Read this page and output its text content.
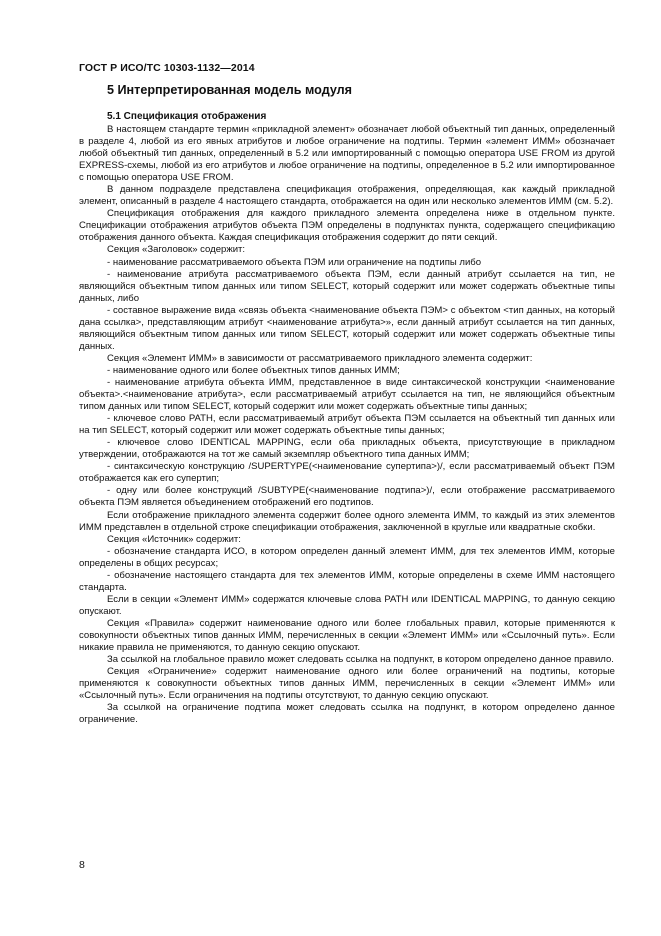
ГОСТ Р ИСО/ТС 10303-1132—2014
5 Интерпретированная модель модуля
5.1 Спецификация отображения

В настоящем стандарте термин «прикладной элемент» обозначает любой объектный тип данных, определенный в разделе 4, любой из его явных атрибутов и любое ограничение на подтипы. Термин «элемент ИММ» обозначает любой объектный тип данных, определенный в 5.2 или импортированный с помощью оператора USE FROM из другой EXPRESS-схемы, любой из его атрибутов и любое ограничение на подтипы, определенное в 5.2 или импортированное с помощью оператора USE FROM.

В данном подразделе представлена спецификация отображения, определяющая, как каждый прикладной элемент, описанный в разделе 4 настоящего стандарта, отображается на один или несколько элементов ИММ (см. 5.2).

Спецификация отображения для каждого прикладного элемента определена ниже в отдельном пункте. Спецификации отображения атрибутов объекта ПЭМ определены в подпунктах пункта, содержащего спецификацию отображения данного объекта. Каждая спецификация отображения содержит до пяти секций.

Секция «Заголовок» содержит:

- наименование рассматриваемого объекта ПЭМ или ограничение на подтипы либо

- наименование атрибута рассматриваемого объекта ПЭМ, если данный атрибут ссылается на тип, не являющийся объектным типом данных или типом SELECT, который содержит или может содержать объектные типы данных, либо

- составное выражение вида «связь объекта <наименование объекта ПЭМ> с объектом <тип данных, на который дана ссылка>, представляющим атрибут <наименование атрибута>», если данный атрибут ссылается на тип данных, являющийся объектным типом данных или типом SELECT, который содержит или может содержать объектные типы данных.

Секция «Элемент ИММ» в зависимости от рассматриваемого прикладного элемента содержит:

- наименование одного или более объектных типов данных ИММ;

- наименование атрибута объекта ИММ, представленное в виде синтаксической конструкции <наименование объекта>.<наименование атрибута>, если рассматриваемый атрибут ссылается на тип, не являющийся объектным типом данных или типом SELECT, который содержит или может содержать объектные типы данных;

- ключевое слово PATH, если рассматриваемый атрибут объекта ПЭМ ссылается на объектный тип данных или на тип SELECT, который содержит или может содержать объектные типы данных;

- ключевое слово IDENTICAL MAPPING, если оба прикладных объекта, присутствующие в прикладном утверждении, отображаются на тот же самый экземпляр объектного типа данных ИММ;

- синтаксическую конструкцию /SUPERTYPE(<наименование супертипа>)/, если рассматриваемый объект ПЭМ отображается как его супертип;

- одну или более конструкций /SUBTYPE(<наименование подтипа>)/, если отображение рассматриваемого объекта ПЭМ является объединением отображений его подтипов.

Если отображение прикладного элемента содержит более одного элемента ИММ, то каждый из этих элементов ИММ представлен в отдельной строке спецификации отображения, заключенной в круглые или квадратные скобки.

Секция «Источник» содержит:

- обозначение стандарта ИСО, в котором определен данный элемент ИММ, для тех элементов ИММ, которые определены в общих ресурсах;

- обозначение настоящего стандарта для тех элементов ИММ, которые определены в схеме ИММ настоящего стандарта.

Если в секции «Элемент ИММ» содержатся ключевые слова PATH или IDENTICAL MAPPING, то данную секцию опускают.

Секция «Правила» содержит наименование одного или более глобальных правил, которые применяются к совокупности объектных типов данных ИММ, перечисленных в секции «Элемент ИММ» или «Ссылочный путь». Если никакие правила не применяются, то данную секцию опускают.

За ссылкой на глобальное правило может следовать ссылка на подпункт, в котором определено данное правило.

Секция «Ограничение» содержит наименование одного или более ограничений на подтипы, которые применяются к совокупности объектных типов данных ИММ, перечисленных в секции «Элемент ИММ» или «Ссылочный путь». Если ограничения на подтипы отсутствуют, то данную секцию опускают.

За ссылкой на ограничение подтипа может следовать ссылка на подпункт, в котором определено данное ограничение.

8
